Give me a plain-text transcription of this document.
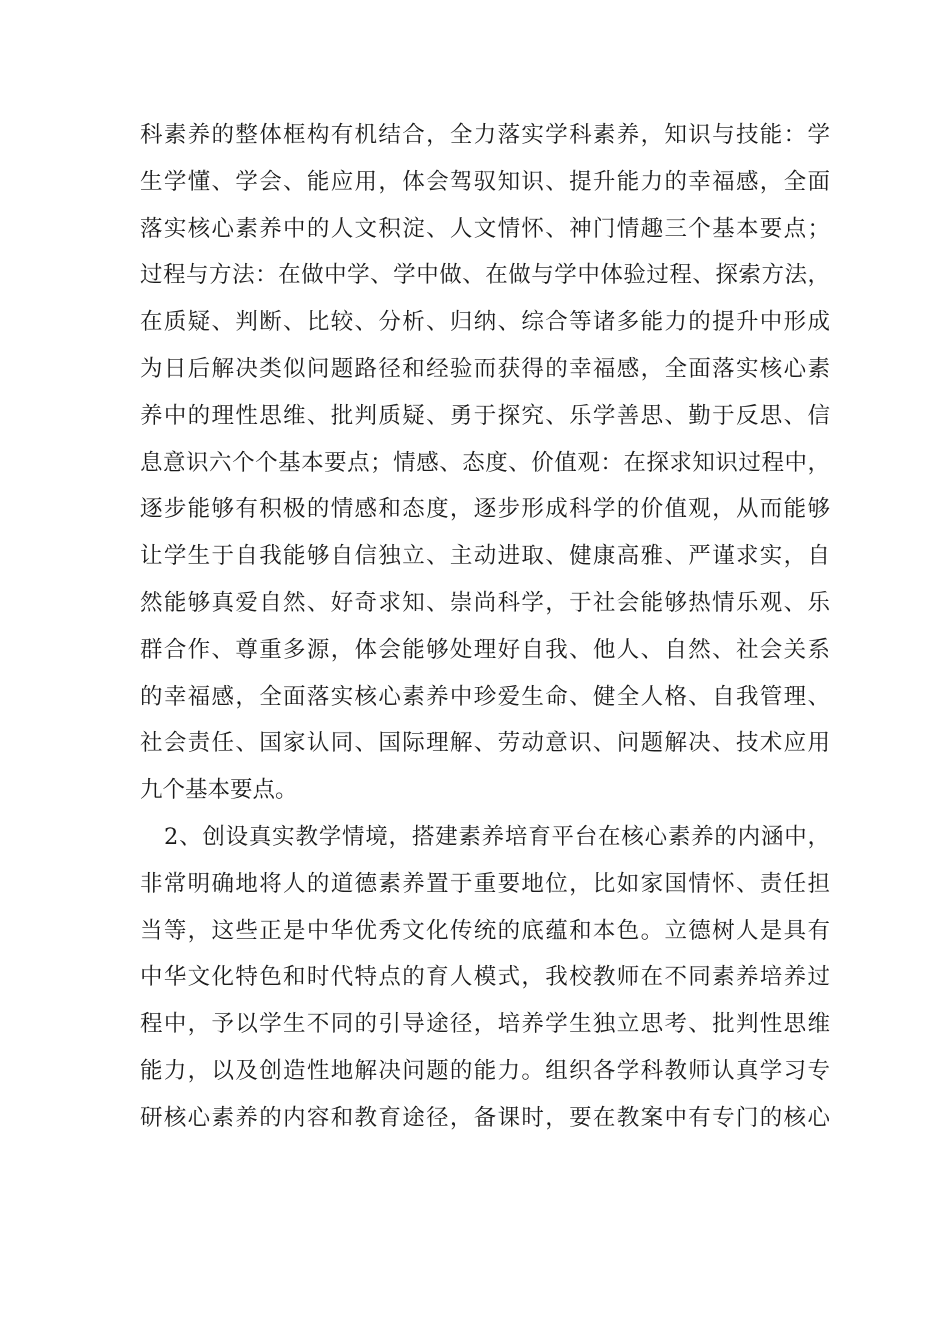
科素养的整体框构有机结合，全力落实学科素养，知识与技能：学
生学懂、学会、能应用，体会驾驭知识、提升能力的幸福感，全面
落实核心素养中的人文积淀、人文情怀、神门情趣三个基本要点；
过程与方法：在做中学、学中做、在做与学中体验过程、探索方法，
在质疑、判断、比较、分析、归纳、综合等诸多能力的提升中形成
为日后解决类似问题路径和经验而获得的幸福感，全面落实核心素
养中的理性思维、批判质疑、勇于探究、乐学善思、勤于反思、信
息意识六个个基本要点；情感、态度、价值观：在探求知识过程中，
逐步能够有积极的情感和态度，逐步形成科学的价值观，从而能够
让学生于自我能够自信独立、主动进取、健康高雅、严谨求实，自
然能够真爱自然、好奇求知、崇尚科学，于社会能够热情乐观、乐
群合作、尊重多源，体会能够处理好自我、他人、自然、社会关系
的幸福感，全面落实核心素养中珍爱生命、健全人格、自我管理、
社会责任、国家认同、国际理解、劳动意识、问题解决、技术应用
九个基本要点。
2、创设真实教学情境，搭建素养培育平台在核心素养的内涵中，
非常明确地将人的道德素养置于重要地位，比如家国情怀、责任担
当等，这些正是中华优秀文化传统的底蕴和本色。立德树人是具有
中华文化特色和时代特点的育人模式，我校教师在不同素养培养过
程中，予以学生不同的引导途径，培养学生独立思考、批判性思维
能力，以及创造性地解决问题的能力。组织各学科教师认真学习专
研核心素养的内容和教育途径，备课时，要在教案中有专门的核心
